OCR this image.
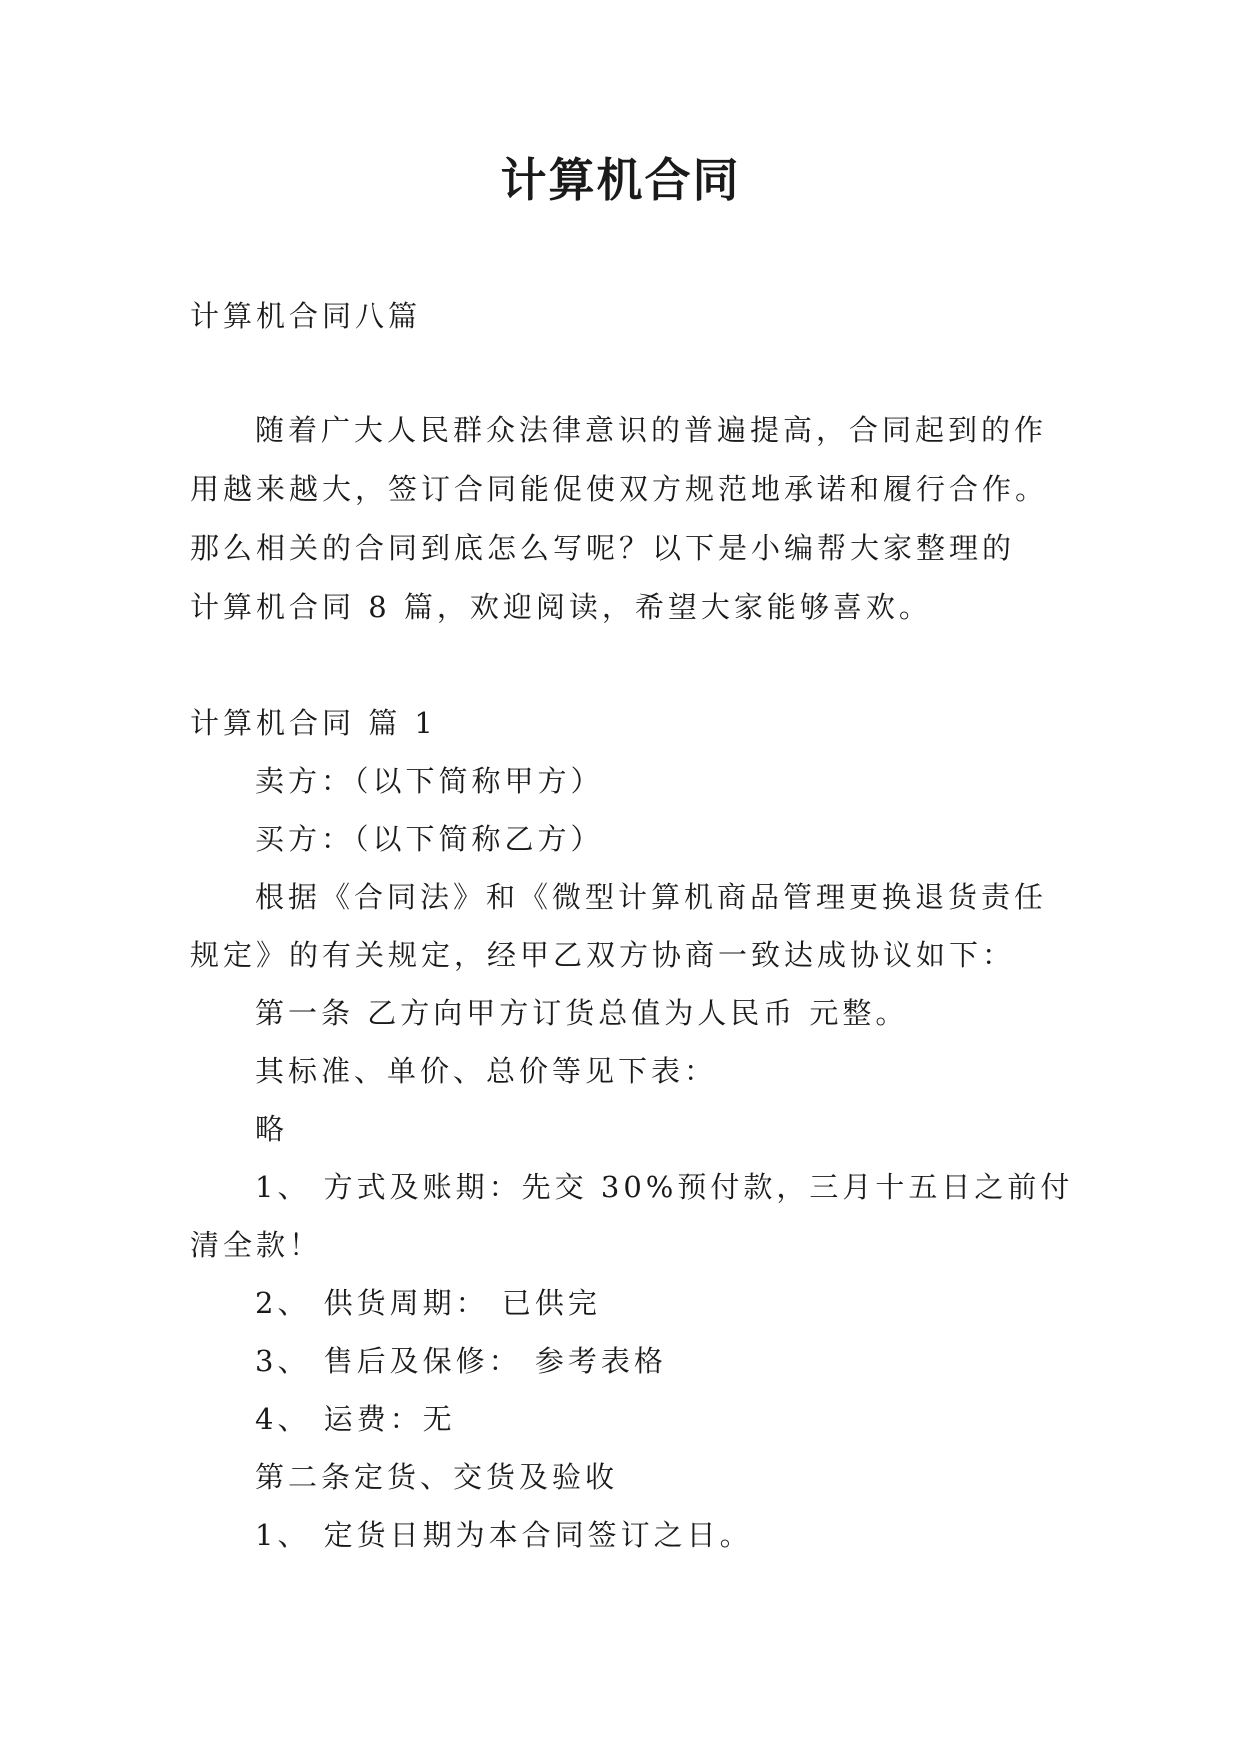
计算机合同
计算机合同八篇
随着广大人民群众法律意识的普遍提高，合同起到的作
用越来越大，签订合同能促使双方规范地承诺和履行合作。
那么相关的合同到底怎么写呢？以下是小编帮大家整理的
计算机合同 8 篇，欢迎阅读，希望大家能够喜欢。
计算机合同 篇 1
卖方：（以下简称甲方）
买方：（以下简称乙方）
根据《合同法》和《微型计算机商品管理更换退货责任
规定》的有关规定，经甲乙双方协商一致达成协议如下：
第一条 乙方向甲方订货总值为人民币 元整。
其标准、单价、总价等见下表：
略
1、 方式及账期：先交 30%预付款，三月十五日之前付
清全款！
2、 供货周期： 已供完
3、 售后及保修： 参考表格
4、 运费：无
第二条定货、交货及验收
1、 定货日期为本合同签订之日。
